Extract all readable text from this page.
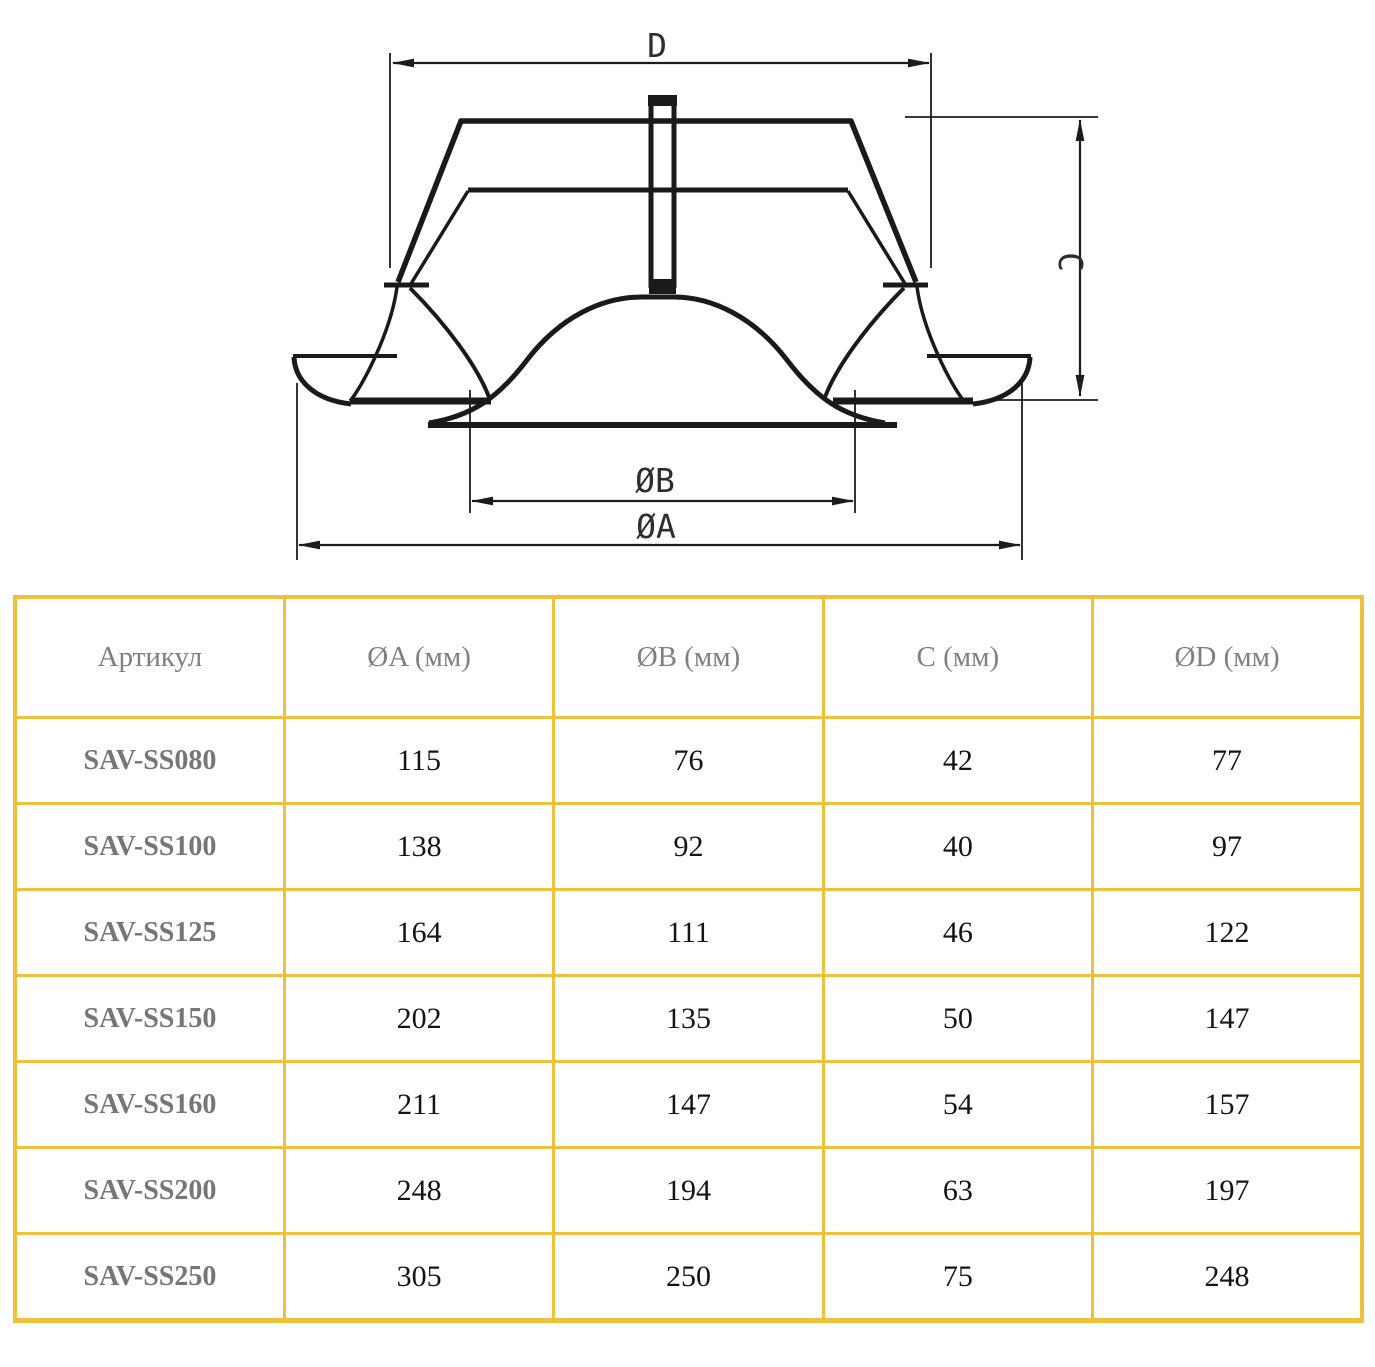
D
C
ØB
ØA
Артикул	ØA (мм)	ØB (мм)	C (мм)	ØD (мм)
SAV-SS080	115	76	42	77
SAV-SS100	138	92	40	97
SAV-SS125	164	111	46	122
SAV-SS150	202	135	50	147
SAV-SS160	211	147	54	157
SAV-SS200	248	194	63	197
SAV-SS250	305	250	75	248
